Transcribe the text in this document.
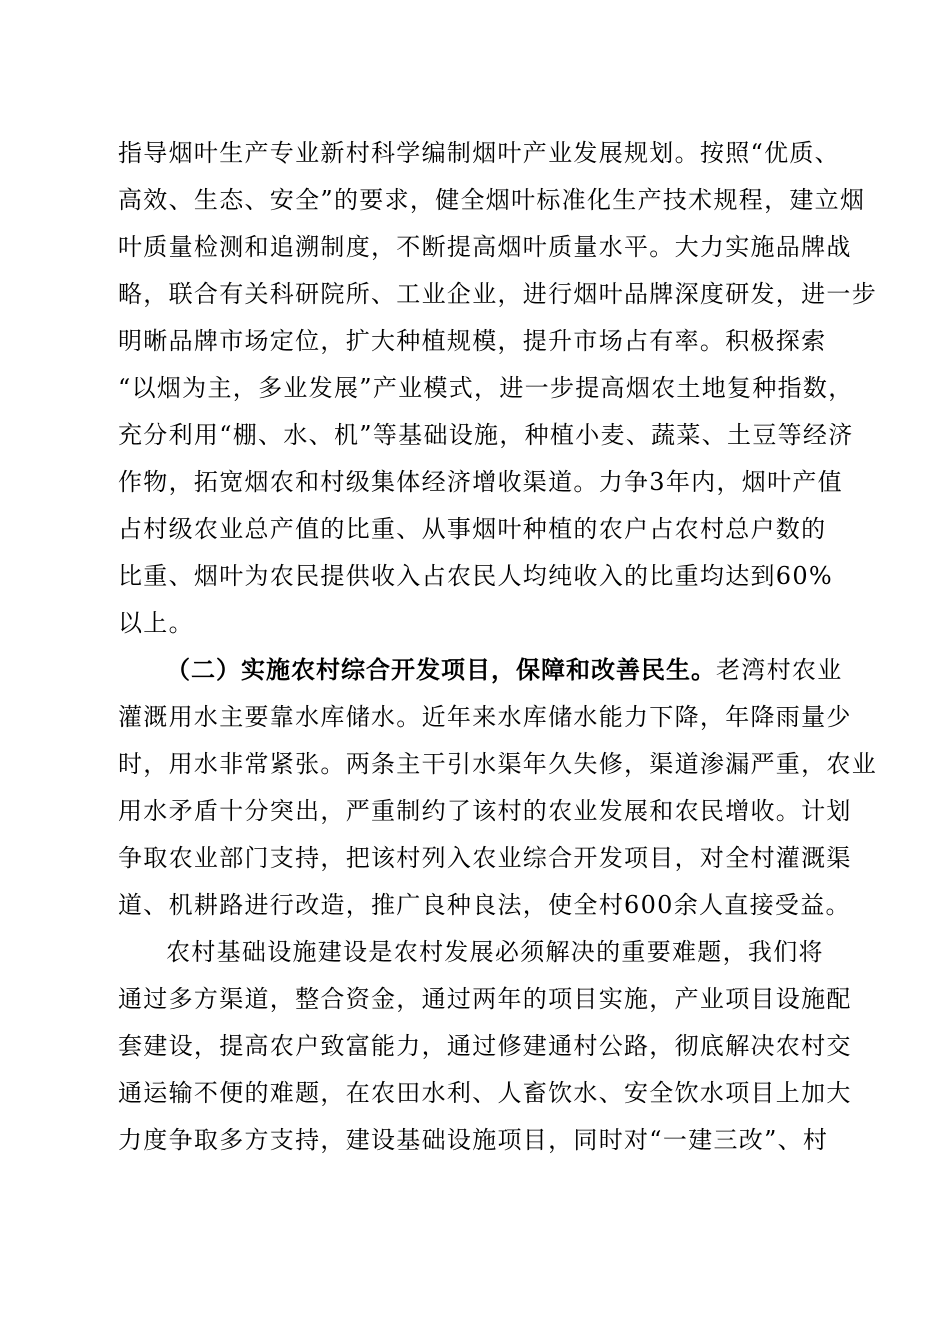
指导烟叶生产专业新村科学编制烟叶产业发展规划。按照“优质、
高效、生态、安全”的要求，健全烟叶标准化生产技术规程，建立烟
叶质量检测和追溯制度，不断提高烟叶质量水平。大力实施品牌战
略，联合有关科研院所、工业企业，进行烟叶品牌深度研发，进一步
明晰品牌市场定位，扩大种植规模，提升市场占有率。积极探索
“以烟为主，多业发展”产业模式，进一步提高烟农土地复种指数，
充分利用“棚、水、机”等基础设施，种植小麦、蔬菜、土豆等经济
作物，拓宽烟农和村级集体经济增收渠道。力争3年内，烟叶产值
占村级农业总产值的比重、从事烟叶种植的农户占农村总户数的
比重、烟叶为农民提供收入占农民人均纯收入的比重均达到60%
以上。
（二）实施农村综合开发项目，保障和改善民生。老湾村农业
灌溉用水主要靠水库储水。近年来水库储水能力下降，年降雨量少
时，用水非常紧张。两条主干引水渠年久失修，渠道渗漏严重，农业
用水矛盾十分突出，严重制约了该村的农业发展和农民增收。计划
争取农业部门支持，把该村列入农业综合开发项目，对全村灌溉渠
道、机耕路进行改造，推广良种良法，使全村600余人直接受益。
农村基础设施建设是农村发展必须解决的重要难题，我们将
通过多方渠道，整合资金，通过两年的项目实施，产业项目设施配
套建设，提高农户致富能力，通过修建通村公路，彻底解决农村交
通运输不便的难题，在农田水利、人畜饮水、安全饮水项目上加大
力度争取多方支持，建设基础设施项目，同时对“一建三改”、村
